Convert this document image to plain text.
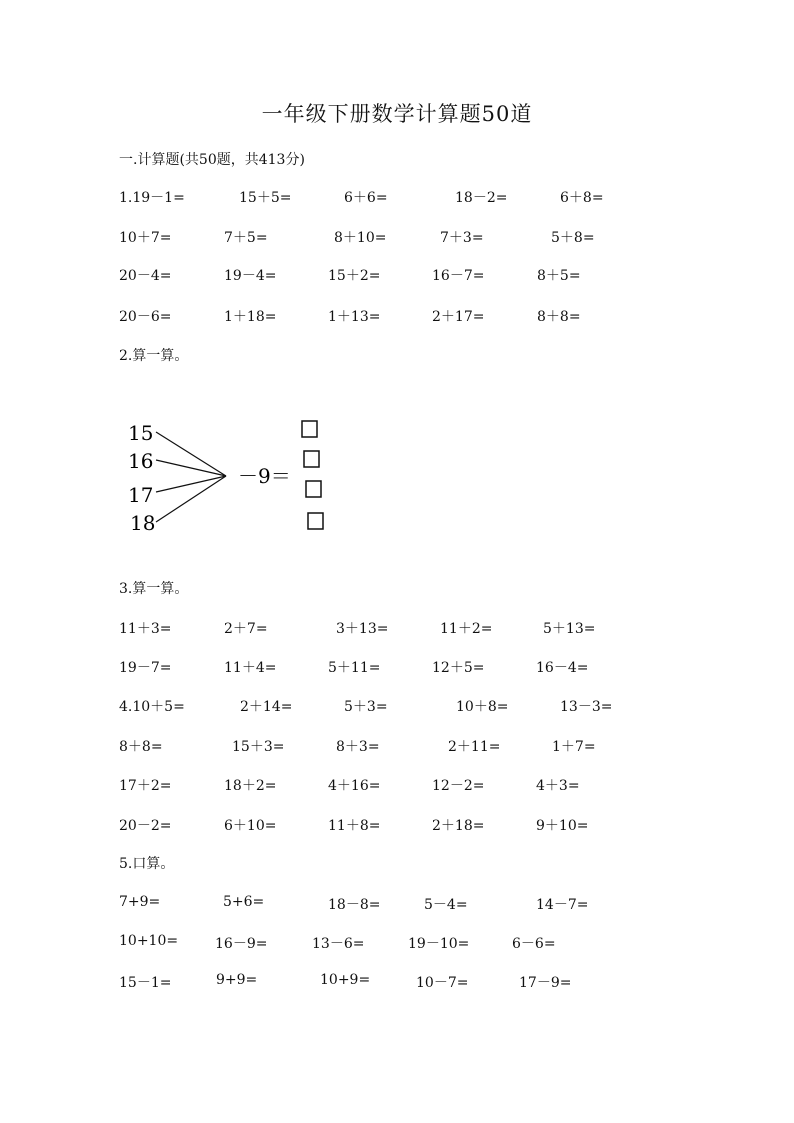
一年级下册数学计算题50道
一.计算题(共50题，共413分)
1.19－1=	15＋5=	6＋6=	18－2=	6＋8=
10＋7=	7＋5=	8＋10=	7＋3=	5＋8=
20－4=	19－4=	15＋2=	16－7=	8＋5=
20－6=	1＋18=	1＋13=	2＋17=	8＋8=
2.算一算。
15
16
17
18
－9＝
3.算一算。
11＋3=	2＋7=	3＋13=	11＋2=	5＋13=
19－7=	11＋4=	5＋11=	12＋5=	16－4=
4.10＋5=	2＋14=	5＋3=	10＋8=	13－3=
8＋8=	15＋3=	8＋3=	2＋11=	1＋7=
17＋2=	18＋2=	4＋16=	12－2=	4＋3=
20－2=	6＋10=	11＋8=	2＋18=	9＋10=
5.口算。
7+9=	5+6=	18－8=	5－4=	14－7=
10+10=	16－9=	13－6=	19－10=	6－6=
15－1=	9+9=	10+9=	10－7=	17－9=
